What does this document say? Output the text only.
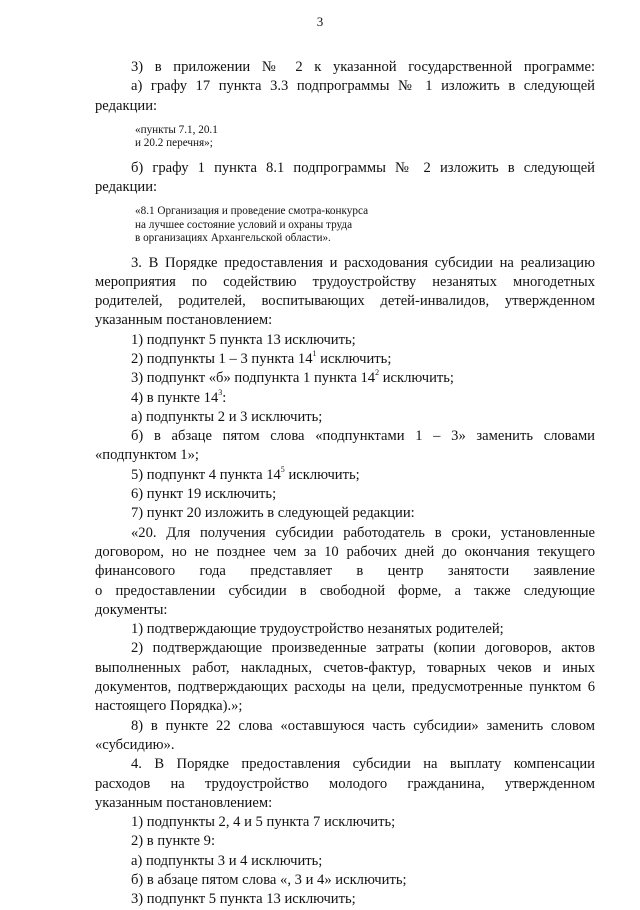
3
3) в приложении № 2 к указанной государственной программе:
а) графу 17 пункта 3.3 подпрограммы № 1 изложить в следующей
редакции:
«пункты 7.1, 20.1
и 20.2 перечня»;
б) графу 1 пункта 8.1 подпрограммы № 2 изложить в следующей
редакции:
«8.1 Организация и проведение смотра-конкурса
на лучшее состояние условий и охраны труда
в организациях Архангельской области».
3. В Порядке предоставления и расходования субсидии на реализацию
мероприятия по содействию трудоустройству незанятых многодетных
родителей, родителей, воспитывающих детей-инвалидов, утвержденном
указанным постановлением:
1) подпункт 5 пункта 13 исключить;
2) подпункты 1 – 3 пункта $14^1$ исключить;
3) подпункт «б» подпункта 1 пункта $14^2$ исключить;
4) в пункте $14^3$:
а) подпункты 2 и 3 исключить;
б) в абзаце пятом слова «подпунктами 1 – 3» заменить словами
«подпунктом 1»;
5) подпункт 4 пункта $14^5$ исключить;
6) пункт 19 исключить;
7) пункт 20 изложить в следующей редакции:
«20. Для получения субсидии работодатель в сроки, установленные
договором, но не позднее чем за 10 рабочих дней до окончания текущего
финансового года представляет в центр занятости заявление
о предоставлении субсидии в свободной форме, а также следующие
документы:
1) подтверждающие трудоустройство незанятых родителей;
2) подтверждающие произведенные затраты (копии договоров, актов
выполненных работ, накладных, счетов-фактур, товарных чеков и иных
документов, подтверждающих расходы на цели, предусмотренные пунктом 6
настоящего Порядка).»;
8) в пункте 22 слова «оставшуюся часть субсидии» заменить словом
«субсидию».
4. В Порядке предоставления субсидии на выплату компенсации
расходов на трудоустройство молодого гражданина, утвержденном
указанным постановлением:
1) подпункты 2, 4 и 5 пункта 7 исключить;
2) в пункте 9:
а) подпункты 3 и 4 исключить;
б) в абзаце пятом слова «, 3 и 4» исключить;
3) подпункт 5 пункта 13 исключить;
